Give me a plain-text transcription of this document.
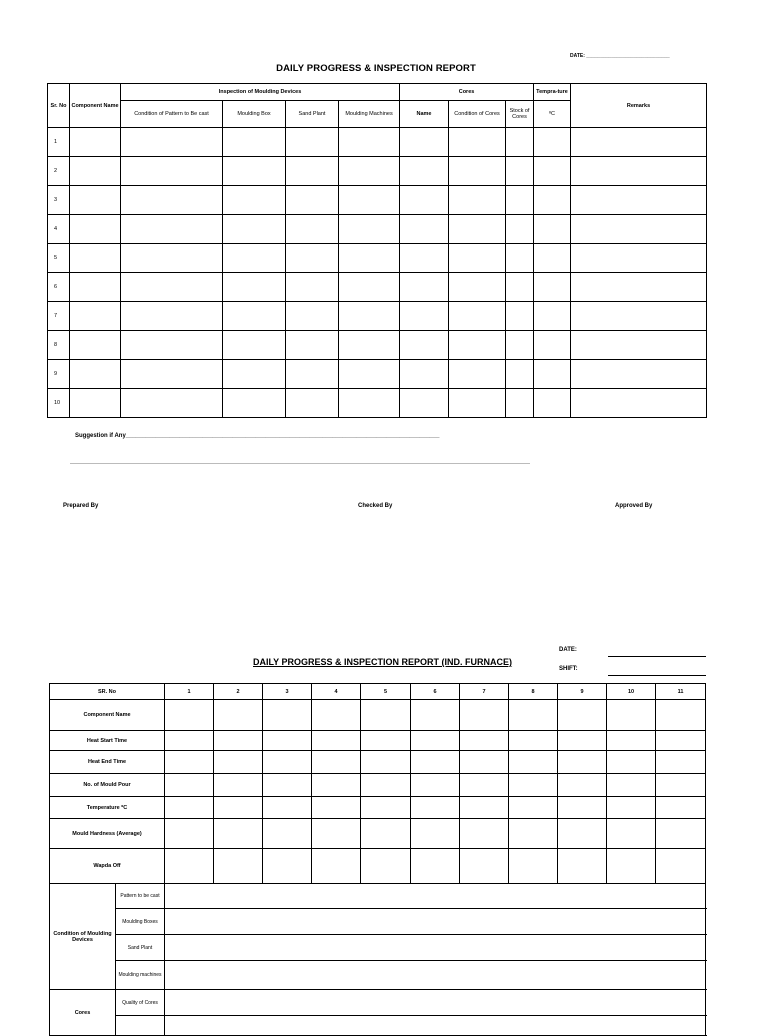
DATE: ______________________________
DAILY PROGRESS & INSPECTION REPORT
Sr. No	Component Name	Inspection of Moulding Devices				Cores			Tempra-ture	Remarks
		Condition of Pattern to Be cast	Moulding Box	Sand Plant	Moulding Machines	Name	Condition of Cores	Stock of Cores	ºC	
1										
2										
3										
4										
5										
6										
7										
8										
9										
10										
Suggestion if Any______________________________________________________________________________________________
Prepared By	Checked By	Approved By
DATE:
DAILY PROGRESS & INSPECTION REPORT (IND. FURNACE)
SHIFT:
SR. No		1	2	3	4	5	6	7	8	9	10	11	
Component Name													
Heat Start Time													
Heat End Time													
No. of Mould Pour													
Temperature ºC													
Mould Hardness (Average)													
Wapda Off													
Condition of Moulding Devices	Pattern to be cast												
	Moulding Boxes												
	Sand Plant												
	Moulding machines												
Cores	Quality of Cores												
